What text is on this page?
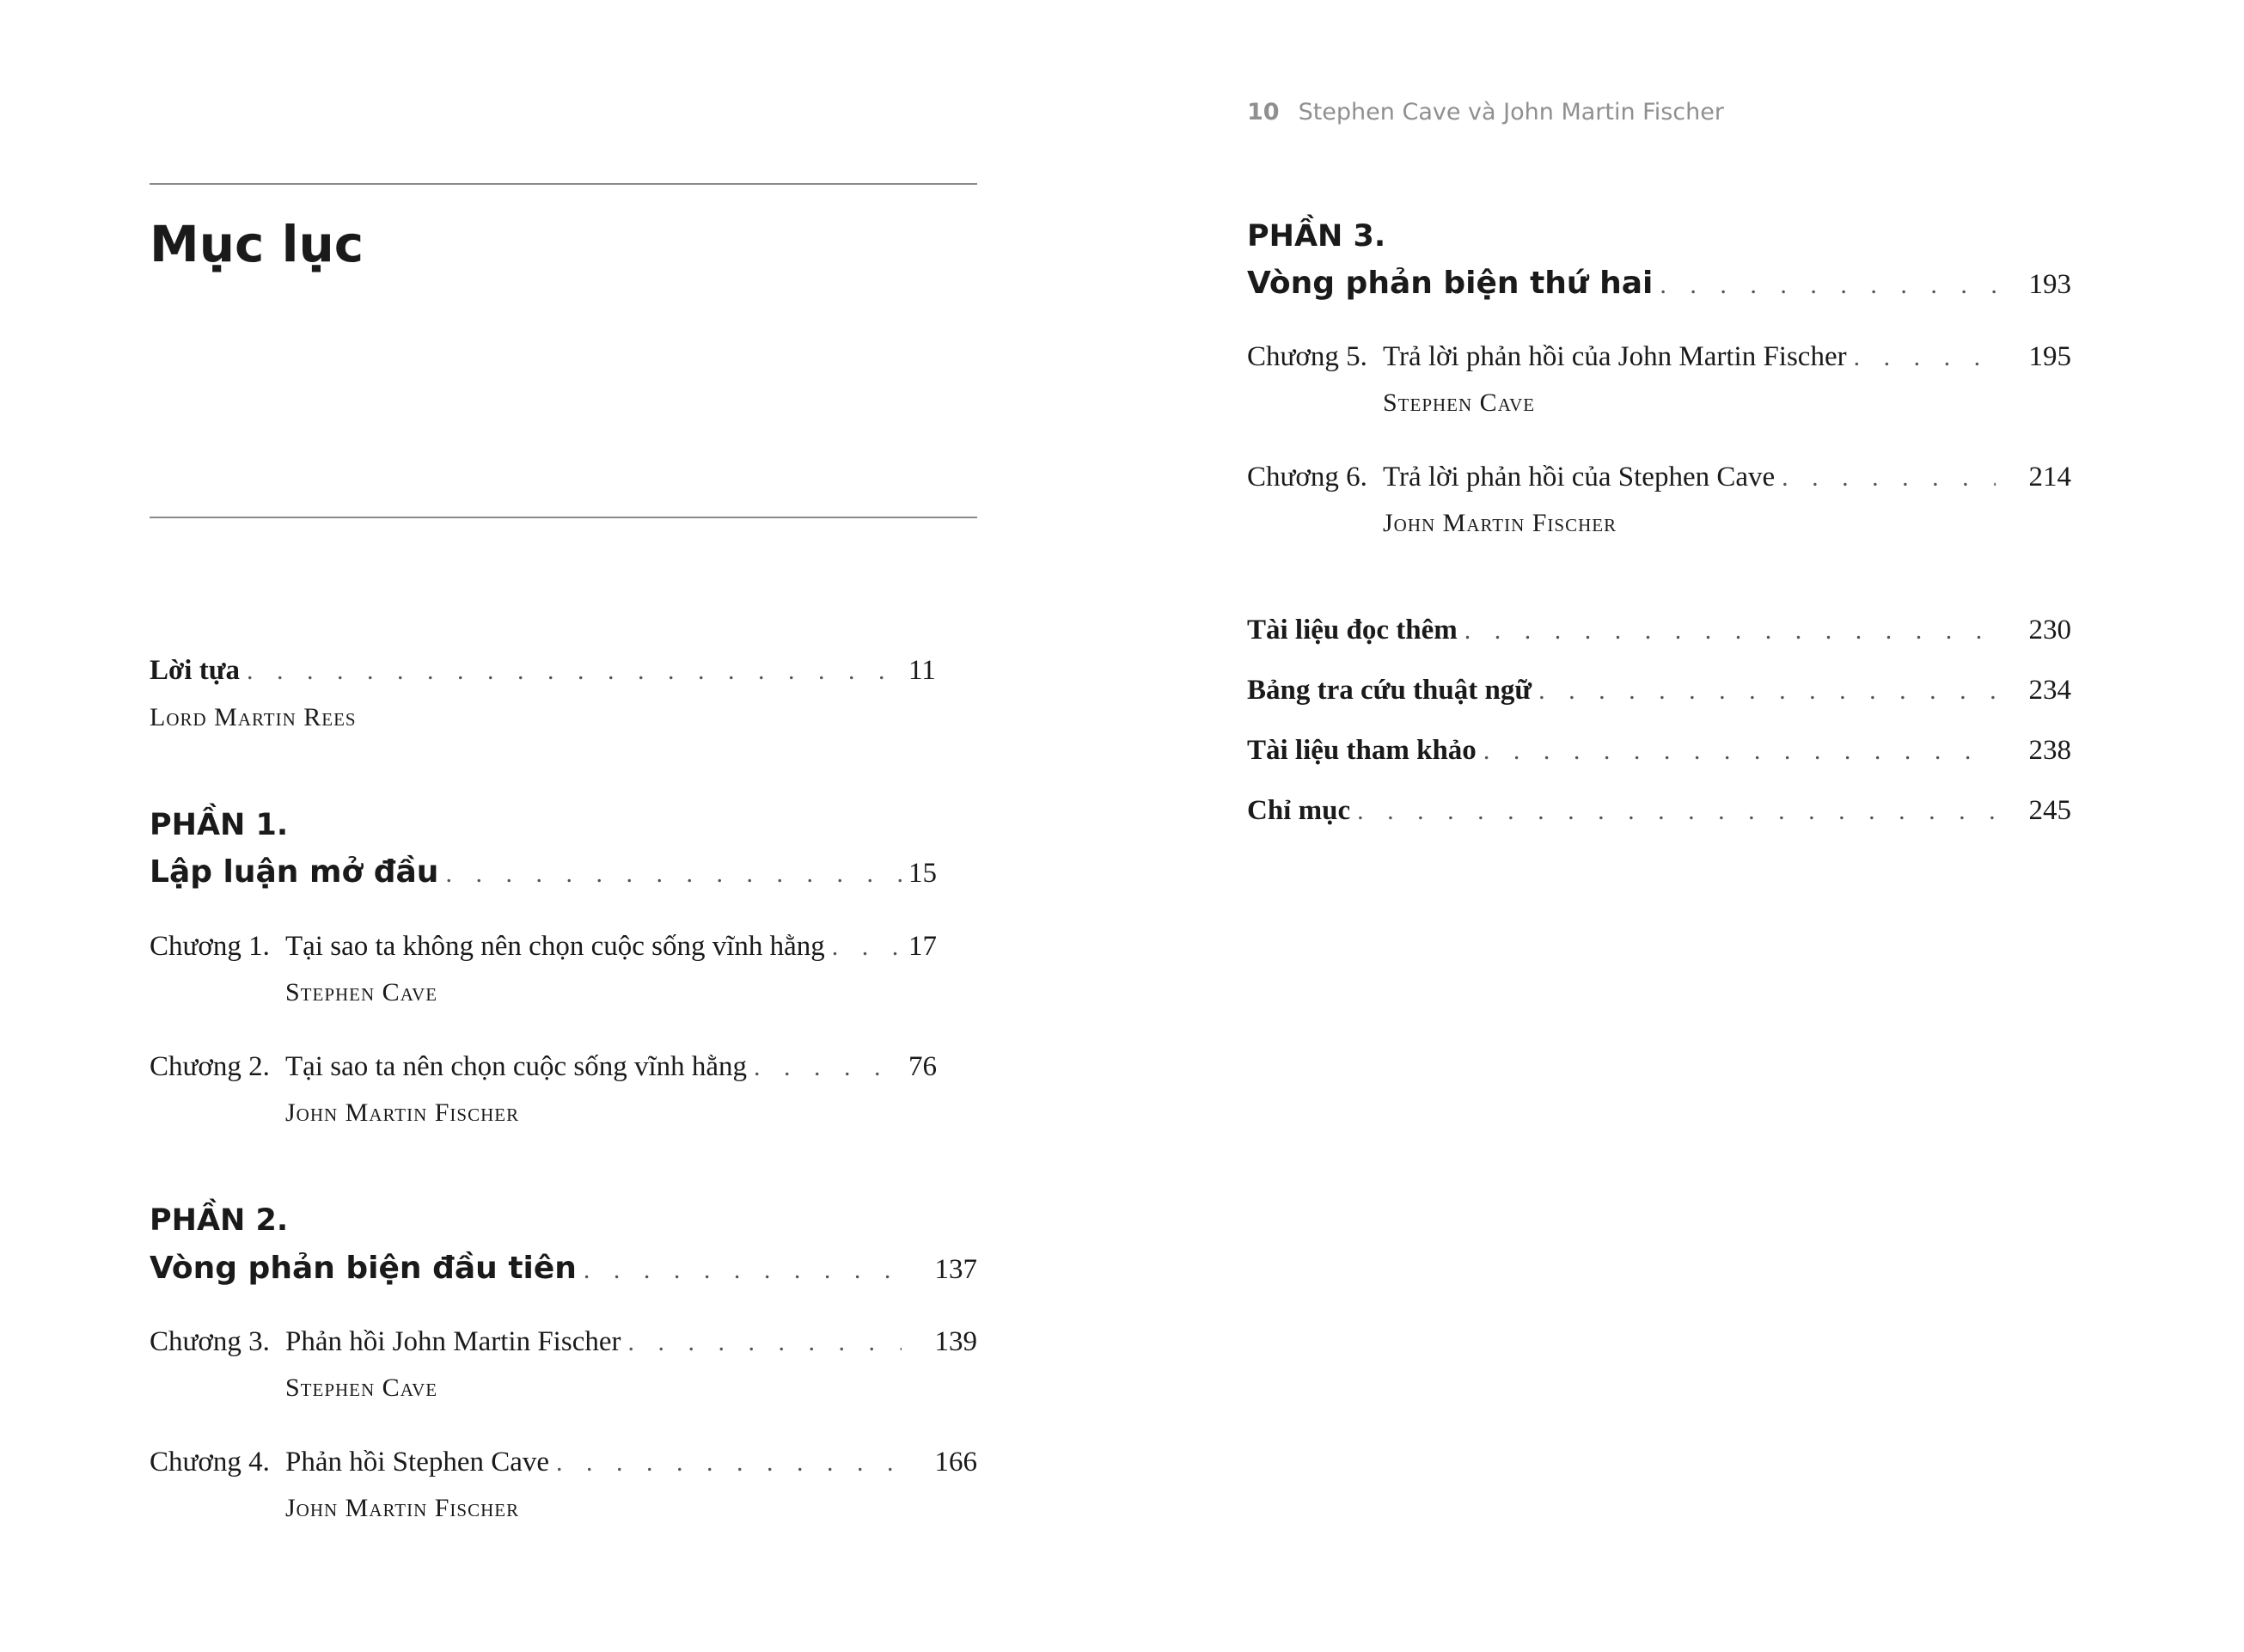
10 Stephen Cave và John Martin Fischer
Mục lục
Lời tựa . . .	11
Lord Martin Rees
PHẦN 1.
Lập luận mở đầu . . .	15
Chương 1. Tại sao ta không nên chọn cuộc sống vĩnh hằng . . .	17
Stephen Cave
Chương 2. Tại sao ta nên chọn cuộc sống vĩnh hằng . . .	76
John Martin Fischer
PHẦN 2.
Vòng phản biện đầu tiên . . .	137
Chương 3. Phản hồi John Martin Fischer . . .	139
Stephen Cave
Chương 4. Phản hồi Stephen Cave . . .	166
John Martin Fischer
PHẦN 3.
Vòng phản biện thứ hai . . .	193
Chương 5. Trả lời phản hồi của John Martin Fischer . . .	195
Stephen Cave
Chương 6. Trả lời phản hồi của Stephen Cave . . .	214
John Martin Fischer
Tài liệu đọc thêm . . .	230
Bảng tra cứu thuật ngữ . . .	234
Tài liệu tham khảo . . .	238
Chỉ mục . . .	245
